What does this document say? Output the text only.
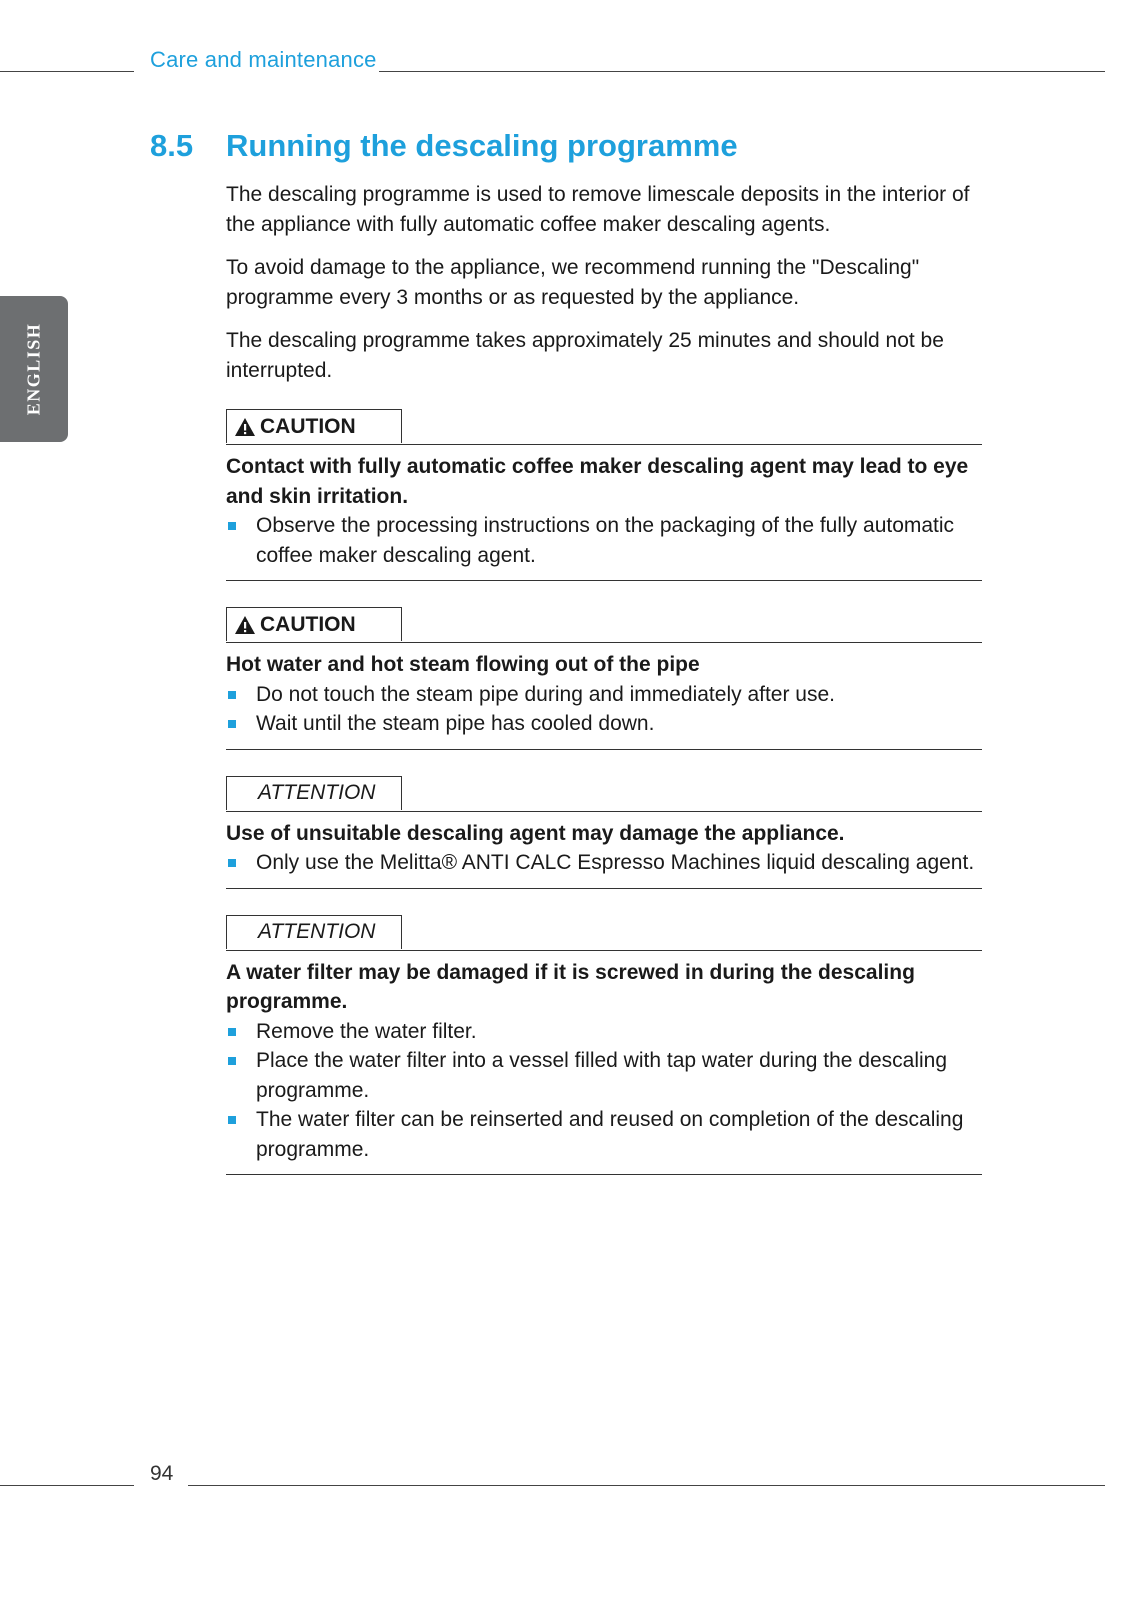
Care and maintenance
ENGLISH
8.5 Running the descaling programme

The descaling programme is used to remove limescale deposits in the interior of the appliance with fully automatic coffee maker descaling agents.

To avoid damage to the appliance, we recommend running the "Descaling" programme every 3 months or as requested by the appliance.

The descaling programme takes approximately 25 minutes and should not be interrupted.

CAUTION

Contact with fully automatic coffee maker descaling agent may lead to eye and skin irritation.

Observe the processing instructions on the packaging of the fully automatic coffee maker descaling agent.
CAUTION

Hot water and hot steam flowing out of the pipe

Do not touch the steam pipe during and immediately after use.
Wait until the steam pipe has cooled down.
ATTENTION

Use of unsuitable descaling agent may damage the appliance.

Only use the Melitta® ANTI CALC Espresso Machines liquid descaling agent.
ATTENTION

A water filter may be damaged if it is screwed in during the descaling programme.

Remove the water filter.
Place the water filter into a vessel filled with tap water during the descaling programme.
The water filter can be reinserted and reused on completion of the descaling programme.
94
